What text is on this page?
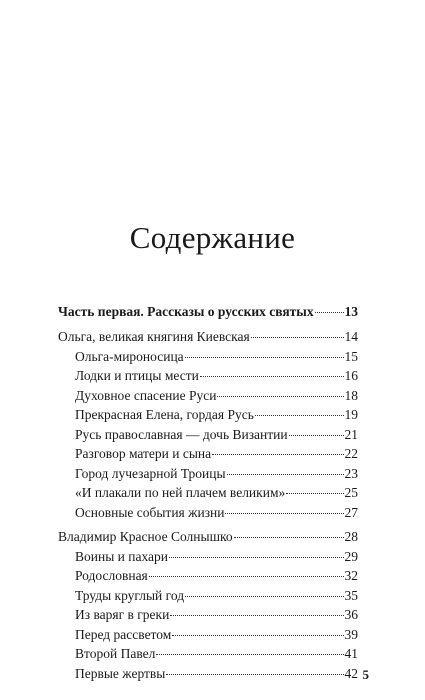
Содержание
Часть первая. Рассказы о русских святых 13
Ольга, великая княгиня Киевская	14
Ольга-мироносица	15
Лодки и птицы мести	16
Духовное спасение Руси	18
Прекрасная Елена, гордая Русь	19
Русь православная — дочь Византии	21
Разговор матери и сына	22
Город лучезарной Троицы	23
«И плакали по ней плачем великим»	25
Основные события жизни	27
Владимир Красное Солнышко	28
Воины и пахари	29
Родословная	32
Труды круглый год	35
Из варяг в греки	36
Перед рассветом	39
Второй Павел	41
Первые жертвы	42 5
